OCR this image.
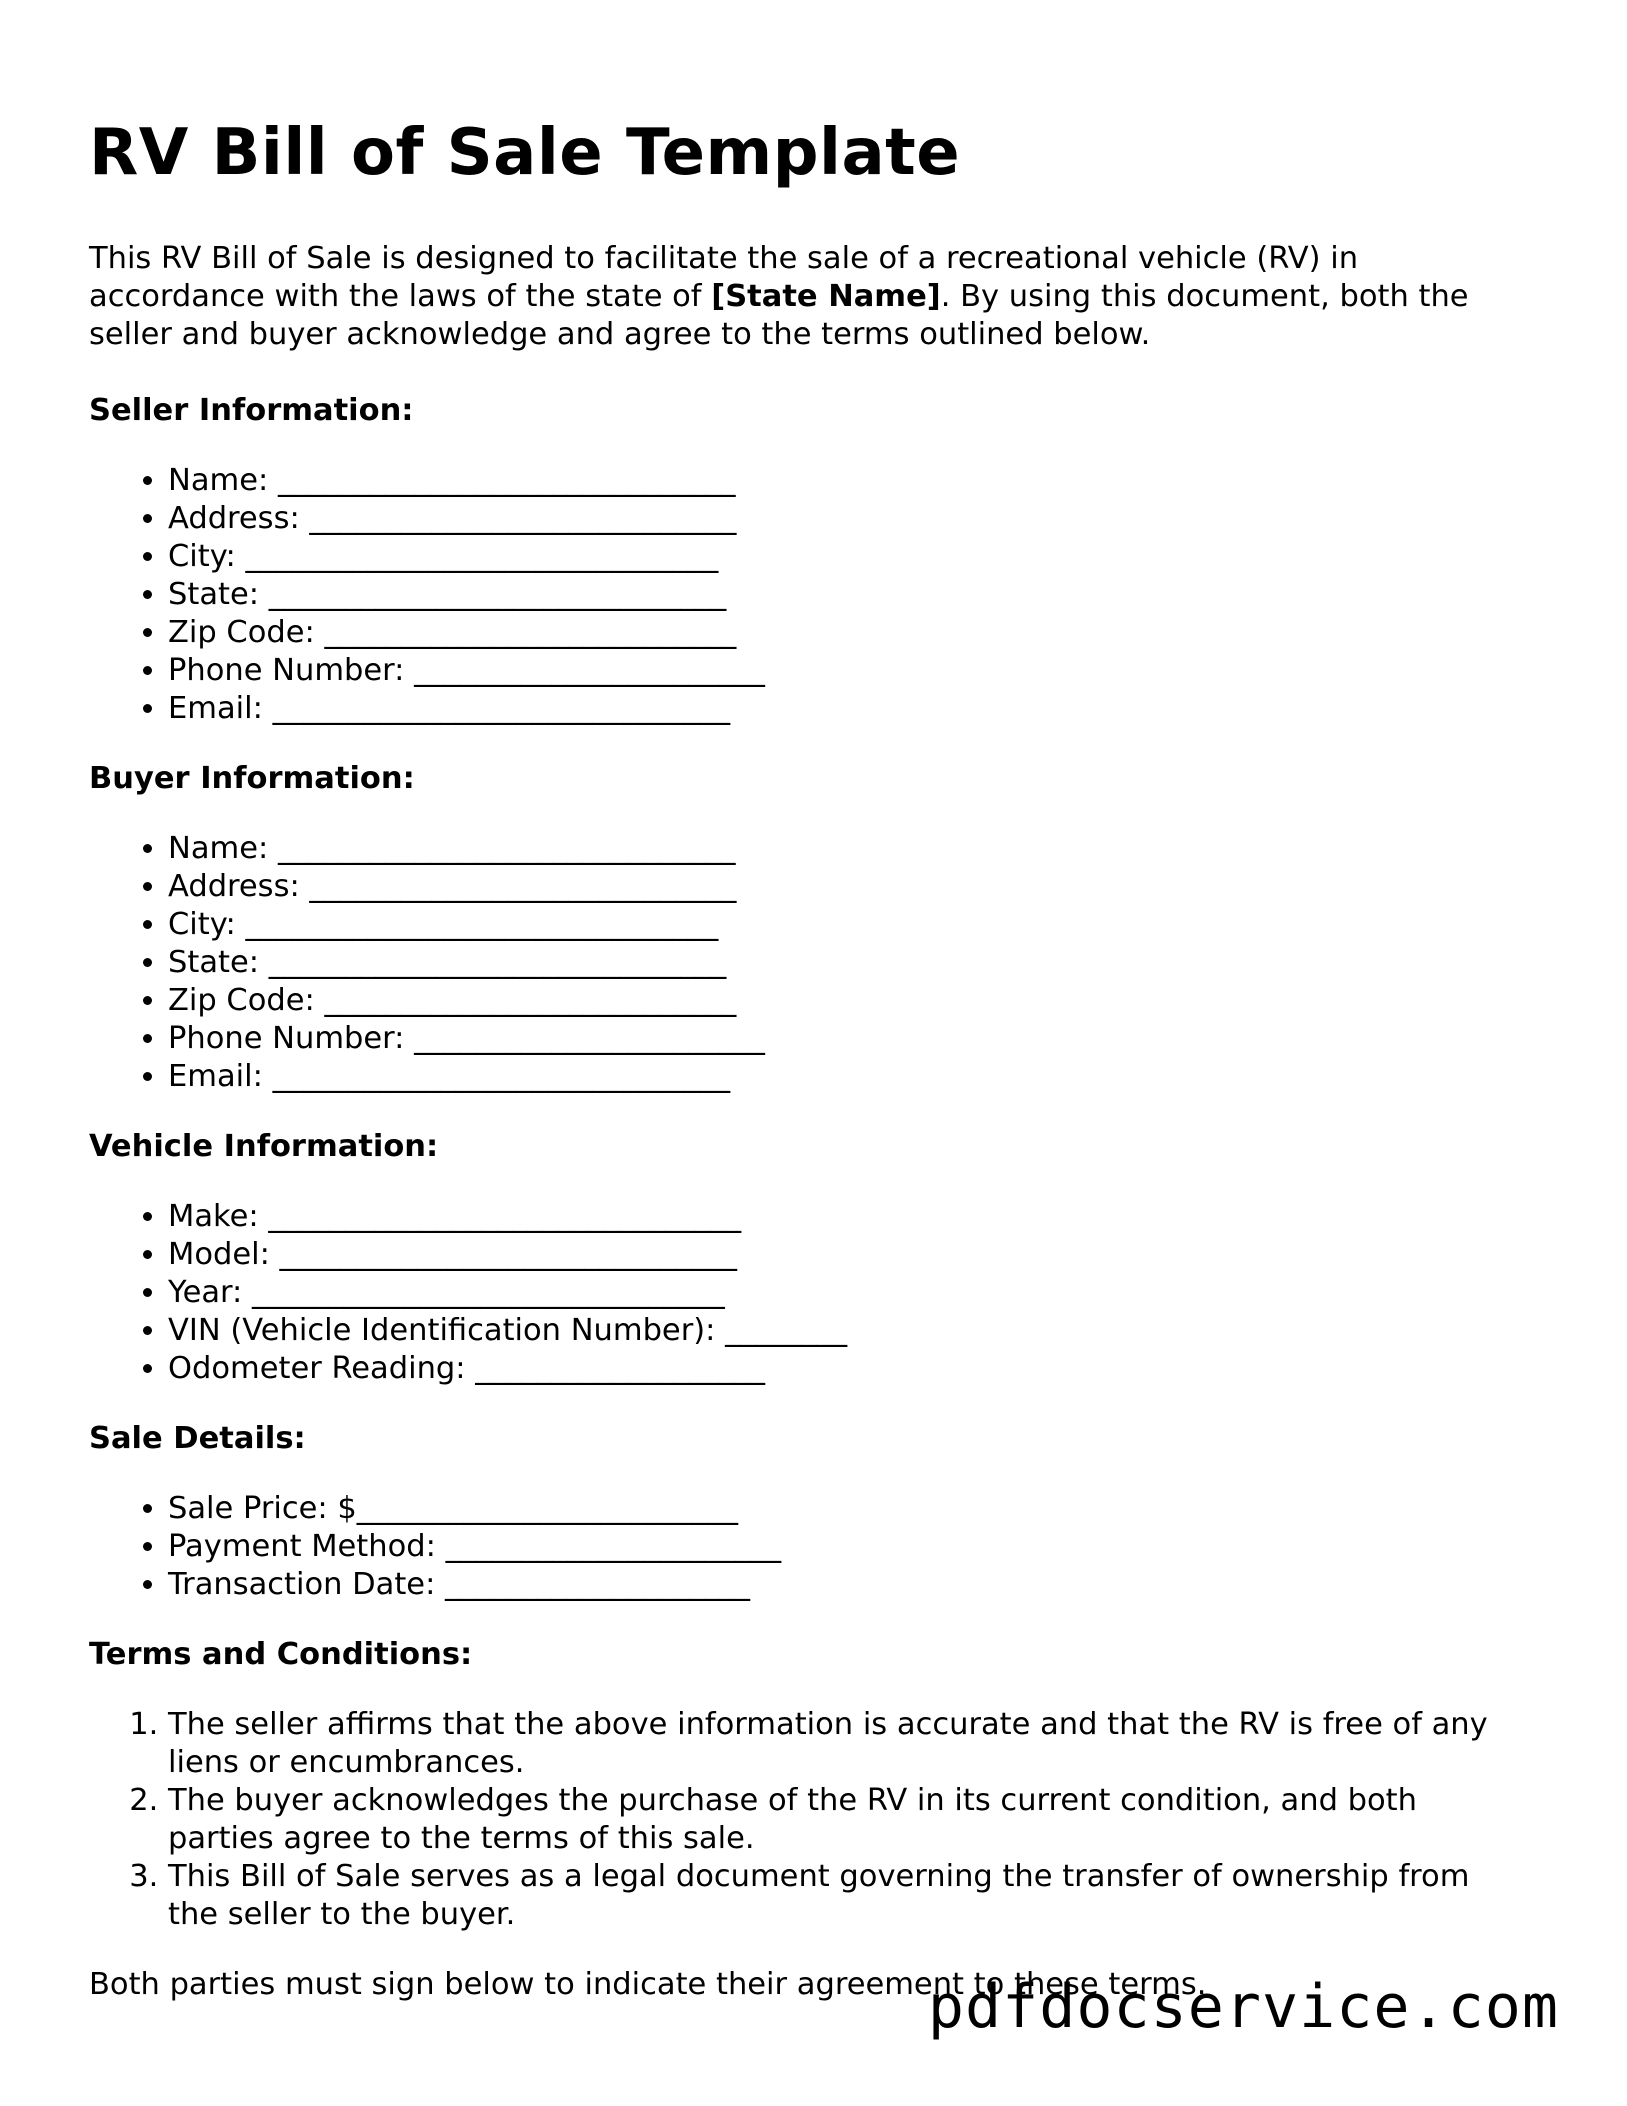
RV Bill of Sale Template

This RV Bill of Sale is designed to facilitate the sale of a recreational vehicle (RV) in accordance with the laws of the state of [State Name]. By using this document, both the seller and buyer acknowledge and agree to the terms outlined below.

Seller Information:
• Name: ______________________________
• Address: ____________________________
• City: _______________________________
• State: ______________________________
• Zip Code: ___________________________
• Phone Number: _______________________
• Email: ______________________________
Buyer Information:
• Name: ______________________________
• Address: ____________________________
• City: _______________________________
• State: ______________________________
• Zip Code: ___________________________
• Phone Number: _______________________
• Email: ______________________________
Vehicle Information:
• Make: _______________________________
• Model: ______________________________
• Year: _______________________________
• VIN (Vehicle Identification Number): ________
• Odometer Reading: ___________________
Sale Details:
• Sale Price: $_________________________
• Payment Method: ______________________
• Transaction Date: ____________________
Terms and Conditions:
1. The seller affirms that the above information is accurate and that the RV is free of any liens or encumbrances.
2. The buyer acknowledges the purchase of the RV in its current condition, and both parties agree to the terms of this sale.
3. This Bill of Sale serves as a legal document governing the transfer of ownership from the seller to the buyer.

Both parties must sign below to indicate their agreement to these terms.

pdfdocservice.com
